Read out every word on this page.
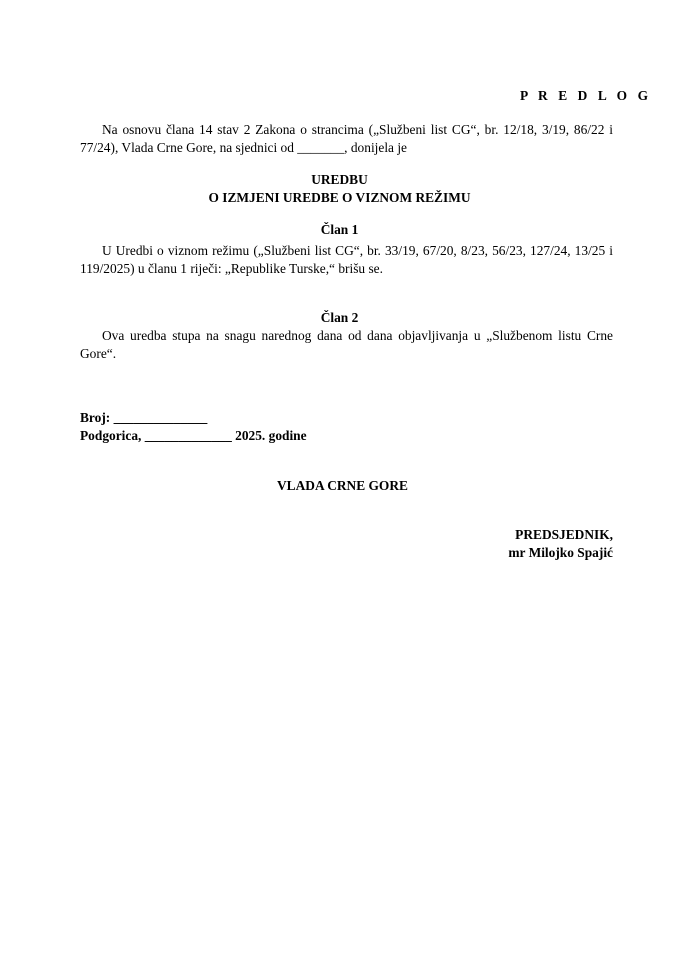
P R E D L O G
Na osnovu člana 14 stav 2 Zakona o strancima („Službeni list CG“, br. 12/18, 3/19, 86/22 i 77/24), Vlada Crne Gore, na sjednici od _______, donijela je
UREDBU
O IZMJENI UREDBE O VIZNOM REŽIMU
Član 1
U Uredbi o viznom režimu („Službeni list CG“, br. 33/19, 67/20, 8/23, 56/23, 127/24, 13/25 i 119/2025) u članu 1 riječi: „Republike Turske,“ brišu se.
Član 2
Ova uredba stupa na snagu narednog dana od dana objavljivanja u „Službenom listu Crne Gore“.
Broj: ______________
Podgorica, _____________ 2025. godine
VLADA CRNE GORE
PREDSJEDNIK,
mr Milojko Spajić
